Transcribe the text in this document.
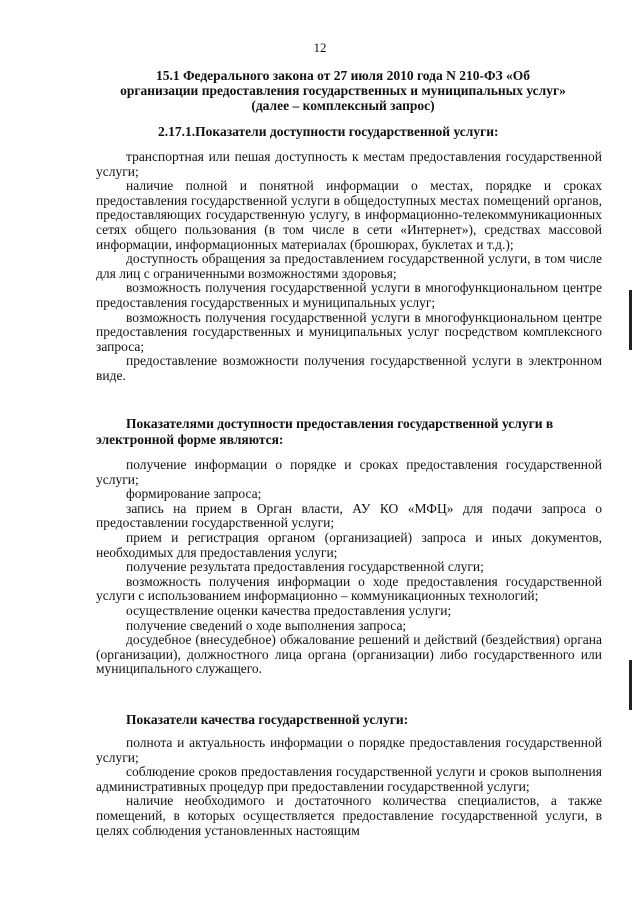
12
15.1 Федерального закона от 27 июля 2010 года N 210-ФЗ «Об
организации предоставления государственных и муниципальных услуг»
(далее – комплексный запрос)
2.17.1.Показатели доступности государственной услуги:

транспортная или пешая доступность к местам предоставления государственной услуги;

наличие полной и понятной информации о местах, порядке и сроках предоставления государственной услуги в общедоступных местах помещений органов, предоставляющих государственную услугу, в информационно-телекоммуникационных сетях общего пользования (в том числе в сети «Интернет»), средствах массовой информации, информационных материалах (брошюрах, буклетах и т.д.);

доступность обращения за предоставлением государственной услуги, в том числе для лиц с ограниченными возможностями здоровья;

возможность получения государственной услуги в многофункциональном центре предоставления государственных и муниципальных услуг;

возможность получения государственной услуги в многофункциональном центре предоставления государственных и муниципальных услуг посредством комплексного запроса;

предоставление возможности получения государственной услуги в электронном виде.

Показателями доступности предоставления государственной услуги в электронной форме являются:

получение информации о порядке и сроках предоставления государственной услуги;

формирование запроса;

запись на прием в Орган власти, АУ КО «МФЦ» для подачи запроса о предоставлении государственной услуги;

прием и регистрация органом (организацией) запроса и иных документов, необходимых для предоставления услуги;

получение результата предоставления государственной слуги;

возможность получения информации о ходе предоставления государственной услуги с использованием информационно – коммуникационных технологий;

осуществление оценки качества предоставления услуги;

получение сведений о ходе выполнения запроса;

досудебное (внесудебное) обжалование решений и действий (бездействия) органа (организации), должностного лица органа (организации) либо государственного или муниципального служащего.

Показатели качества государственной услуги:

полнота и актуальность информации о порядке предоставления государственной услуги;

соблюдение сроков предоставления государственной услуги и сроков выполнения административных процедур при предоставлении государственной услуги;

наличие необходимого и достаточного количества специалистов, а также помещений, в которых осуществляется предоставление государственной услуги, в целях соблюдения установленных настоящим
